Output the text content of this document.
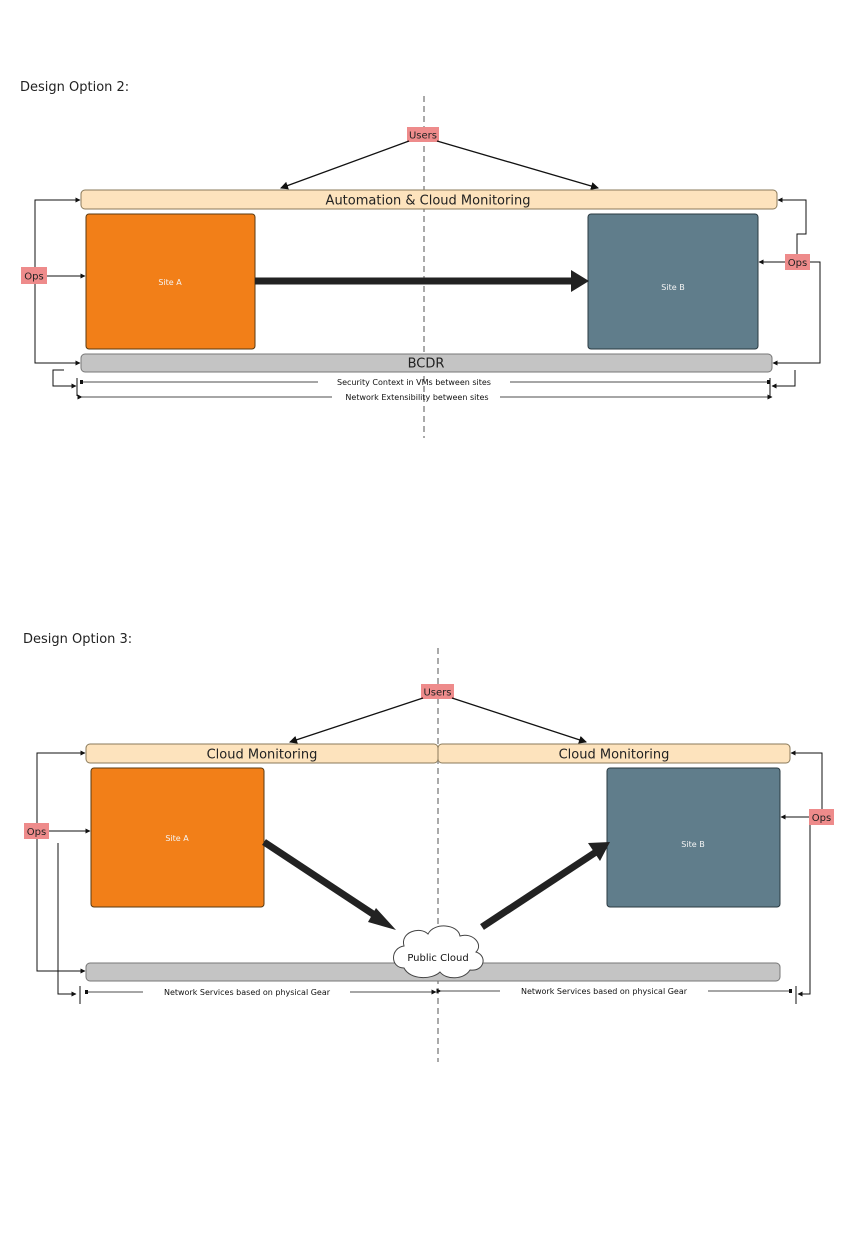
Design Option 2:
Users
Automation & Cloud Monitoring
Site A
Site B
BCDR
Ops
Ops
Security Context in VMs between sites
Network Extensibility between sites
Design Option 3:
Users
Cloud Monitoring	Cloud Monitoring
Site A
Site B
Public Cloud
Ops
Ops
Network Services based on physical Gear	Network Services based on physical Gear
